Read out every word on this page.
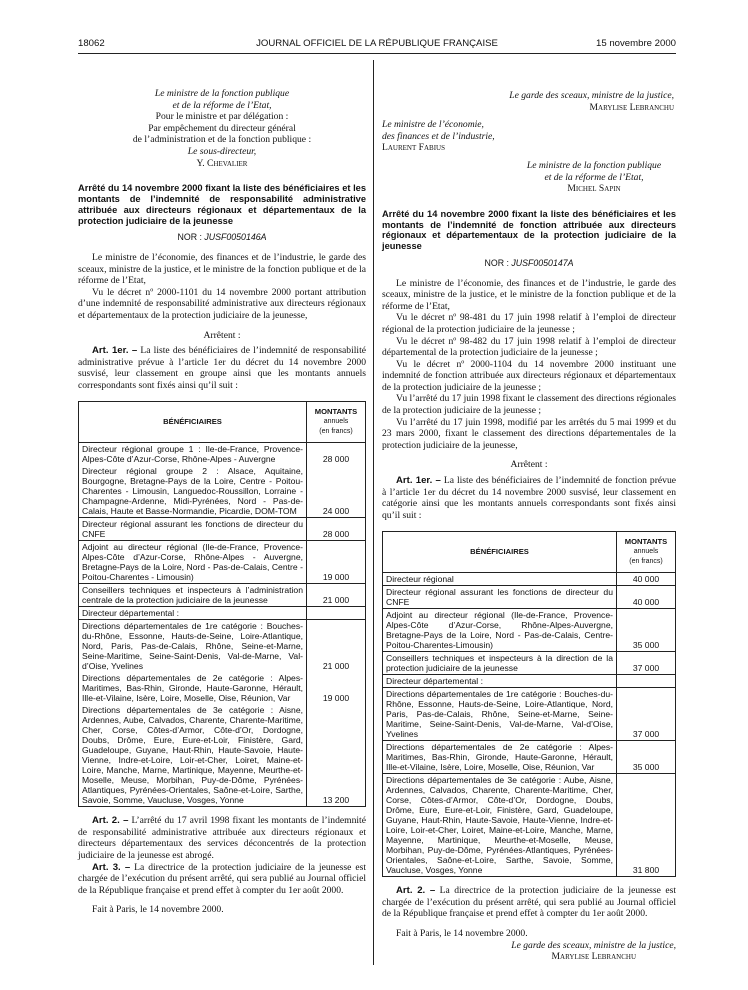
18062	JOURNAL OFFICIEL DE LA RÉPUBLIQUE FRANÇAISE	15 novembre 2000
Le ministre de la fonction publique
et de la réforme de l’Etat,
Pour le ministre et par délégation :
Par empêchement du directeur général
de l’administration et de la fonction publique :
Le sous-directeur,
Y. Chevalier
Arrêté du 14 novembre 2000 fixant la liste des bénéficiaires et les montants de l’indemnité de responsabilité administrative attribuée aux directeurs régionaux et départementaux de la protection judiciaire de la jeunesse
NOR : JUSF0050146A

Le ministre de l’économie, des finances et de l’industrie, le garde des sceaux, ministre de la justice, et le ministre de la fonction publique et de la réforme de l’Etat,

Vu le décret nº 2000-1101 du 14 novembre 2000 portant attribution d’une indemnité de responsabilité administrative aux directeurs régionaux et départementaux de la protection judiciaire de la jeunesse,

Arrêtent :

Art. 1er. – La liste des bénéficiaires de l’indemnité de responsabilité administrative prévue à l’article 1er du décret du 14 novembre 2000 susvisé, leur classement en groupe ainsi que les montants annuels correspondants sont fixés ainsi qu’il suit :

BÉNÉFICIAIRES	MONTANTS
annuels
(en francs)
Directeur régional groupe 1 : Ile-de-France, Provence-Alpes-Côte d’Azur-Corse, Rhône-Alpes - Auvergne	28 000
Directeur régional groupe 2 : Alsace, Aquitaine, Bourgogne, Bretagne-Pays de la Loire, Centre - Poitou-Charentes - Limousin, Languedoc-Roussillon, Lorraine - Champagne-Ardenne, Midi-Pyrénées, Nord - Pas-de-Calais, Haute et Basse-Normandie, Picardie, DOM-TOM	24 000
Directeur régional assurant les fonctions de directeur du CNFE	28 000
Adjoint au directeur régional (Ile-de-France, Provence-Alpes-Côte d’Azur-Corse, Rhône-Alpes - Auvergne, Bretagne-Pays de la Loire, Nord - Pas-de-Calais, Centre - Poitou-Charentes - Limousin)	19 000
Conseillers techniques et inspecteurs à l’administration centrale de la protection judiciaire de la jeunesse	21 000
Directeur départemental :	
Directions départementales de 1re catégorie : Bouches-du-Rhône, Essonne, Hauts-de-Seine, Loire-Atlantique, Nord, Paris, Pas-de-Calais, Rhône, Seine-et-Marne, Seine-Maritime, Seine-Saint-Denis, Val-de-Marne, Val-d’Oise, Yvelines	21 000
Directions départementales de 2e catégorie : Alpes-Maritimes, Bas-Rhin, Gironde, Haute-Garonne, Hérault, Ille-et-Vilaine, Isère, Loire, Moselle, Oise, Réunion, Var	19 000
Directions départementales de 3e catégorie : Aisne, Ardennes, Aube, Calvados, Charente, Charente-Maritime, Cher, Corse, Côtes-d’Armor, Côte-d’Or, Dordogne, Doubs, Drôme, Eure, Eure-et-Loir, Finistère, Gard, Guadeloupe, Guyane, Haut-Rhin, Haute-Savoie, Haute-Vienne, Indre-et-Loire, Loir-et-Cher, Loiret, Maine-et-Loire, Manche, Marne, Martinique, Mayenne, Meurthe-et-Moselle, Meuse, Morbihan, Puy-de-Dôme, Pyrénées-Atlantiques, Pyrénées-Orientales, Saône-et-Loire, Sarthe, Savoie, Somme, Vaucluse, Vosges, Yonne	13 200

Art. 2. – L’arrêté du 17 avril 1998 fixant les montants de l’indemnité de responsabilité administrative attribuée aux directeurs régionaux et directeurs départementaux des services déconcentrés de la protection judiciaire de la jeunesse est abrogé.

Art. 3. – La directrice de la protection judiciaire de la jeunesse est chargée de l’exécution du présent arrêté, qui sera publié au Journal officiel de la République française et prend effet à compter du 1er août 2000.

Fait à Paris, le 14 novembre 2000.
Le garde des sceaux, ministre de la justice,
Marylise Lebranchu
Le ministre de l’économie,
des finances et de l’industrie,
Laurent Fabius
Le ministre de la fonction publique
et de la réforme de l’Etat,
Michel Sapin
Arrêté du 14 novembre 2000 fixant la liste des bénéficiaires et les montants de l’indemnité de fonction attribuée aux directeurs régionaux et départementaux de la protection judiciaire de la jeunesse
NOR : JUSF0050147A

Le ministre de l’économie, des finances et de l’industrie, le garde des sceaux, ministre de la justice, et le ministre de la fonction publique et de la réforme de l’Etat,

Vu le décret nº 98-481 du 17 juin 1998 relatif à l’emploi de directeur régional de la protection judiciaire de la jeunesse ;

Vu le décret nº 98-482 du 17 juin 1998 relatif à l’emploi de directeur départemental de la protection judiciaire de la jeunesse ;

Vu le décret nº 2000-1104 du 14 novembre 2000 instituant une indemnité de fonction attribuée aux directeurs régionaux et départementaux de la protection judiciaire de la jeunesse ;

Vu l’arrêté du 17 juin 1998 fixant le classement des directions régionales de la protection judiciaire de la jeunesse ;

Vu l’arrêté du 17 juin 1998, modifié par les arrêtés du 5 mai 1999 et du 23 mars 2000, fixant le classement des directions départementales de la protection judiciaire de la jeunesse,

Arrêtent :

Art. 1er. – La liste des bénéficiaires de l’indemnité de fonction prévue à l’article 1er du décret du 14 novembre 2000 susvisé, leur classement en catégorie ainsi que les montants annuels correspondants sont fixés ainsi qu’il suit :

BÉNÉFICIAIRES	MONTANTS
annuels
(en francs)
Directeur régional	40 000
Directeur régional assurant les fonctions de directeur du CNFE	40 000
Adjoint au directeur régional (Ile-de-France, Provence-Alpes-Côte d’Azur-Corse, Rhône-Alpes-Auvergne, Bretagne-Pays de la Loire, Nord - Pas-de-Calais, Centre-Poitou-Charentes-Limousin)	35 000
Conseillers techniques et inspecteurs à la direction de la protection judiciaire de la jeunesse	37 000
Directeur départemental :	
Directions départementales de 1re catégorie : Bouches-du-Rhône, Essonne, Hauts-de-Seine, Loire-Atlantique, Nord, Paris, Pas-de-Calais, Rhône, Seine-et-Marne, Seine-Maritime, Seine-Saint-Denis, Val-de-Marne, Val-d’Oise, Yvelines	37 000
Directions départementales de 2e catégorie : Alpes-Maritimes, Bas-Rhin, Gironde, Haute-Garonne, Hérault, Ille-et-Vilaine, Isère, Loire, Moselle, Oise, Réunion, Var	35 000
Directions départementales de 3e catégorie : Aube, Aisne, Ardennes, Calvados, Charente, Charente-Maritime, Cher, Corse, Côtes-d’Armor, Côte-d’Or, Dordogne, Doubs, Drôme, Eure, Eure-et-Loir, Finistère, Gard, Guadeloupe, Guyane, Haut-Rhin, Haute-Savoie, Haute-Vienne, Indre-et-Loire, Loir-et-Cher, Loiret, Maine-et-Loire, Manche, Marne, Mayenne, Martinique, Meurthe-et-Moselle, Meuse, Morbihan, Puy-de-Dôme, Pyrénées-Atlantiques, Pyrénées-Orientales, Saône-et-Loire, Sarthe, Savoie, Somme, Vaucluse, Vosges, Yonne	31 800

Art. 2. – La directrice de la protection judiciaire de la jeunesse est chargée de l’exécution du présent arrêté, qui sera publié au Journal officiel de la République française et prend effet à compter du 1er août 2000.

Fait à Paris, le 14 novembre 2000.
Le garde des sceaux, ministre de la justice,
Marylise Lebranchu
